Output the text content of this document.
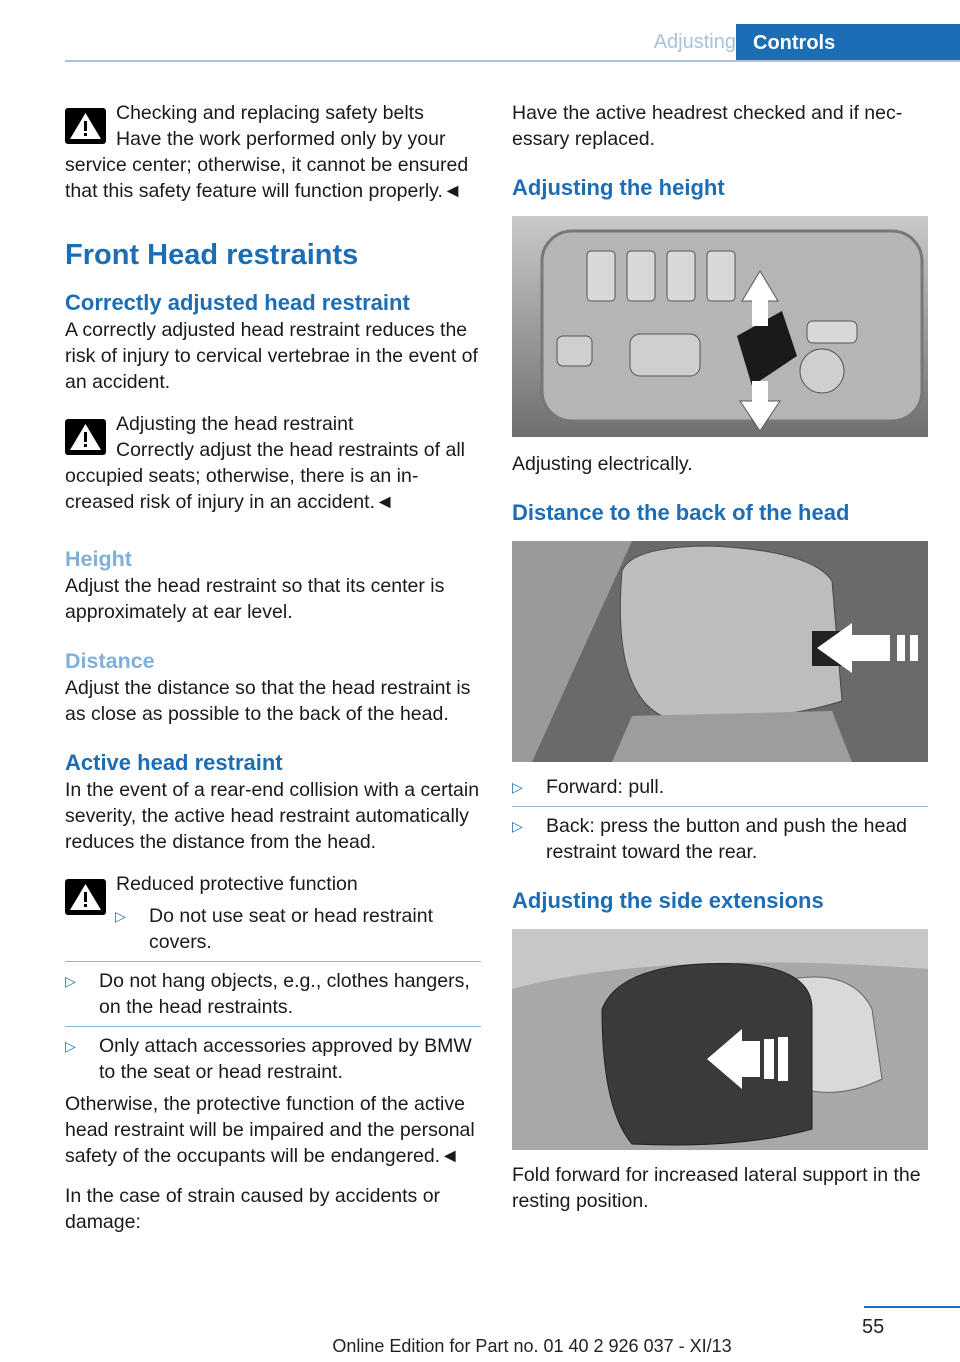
Adjusting Controls

Checking and replacing safety belts

Have the work performed only by your service center; otherwise, it cannot be ensured that this safety feature will function properly.◄

Front Head restraints
Correctly adjusted head restraint

A correctly adjusted head restraint reduces the risk of injury to cervical vertebrae in the event of an accident.

Adjusting the head restraint

Correctly adjust the head restraints of all occupied seats; otherwise, there is an increased risk of injury in an accident.◄

Height

Adjust the head restraint so that its center is approximately at ear level.

Distance

Adjust the distance so that the head restraint is as close as possible to the back of the head.

Active head restraint

In the event of a rear-end collision with a certain severity, the active head restraint automatically reduces the distance from the head.

Reduced protective function

▷ Do not use seat or head restraint covers.

▷ Do not hang objects, e.g., clothes hangers, on the head restraints.

▷ Only attach accessories approved by BMW to the seat or head restraint.

Otherwise, the protective function of the active head restraint will be impaired and the personal safety of the occupants will be endangered.◄

In the case of strain caused by accidents or damage:

Have the active headrest checked and if necessary replaced.

Adjusting the height

Adjusting electrically.

Distance to the back of the head
▷ Forward: pull.

▷ Back: press the button and push the head restraint toward the rear.

Adjusting the side extensions

Fold forward for increased lateral support in the resting position.

55
Online Edition for Part no. 01 40 2 926 037 - XI/13
